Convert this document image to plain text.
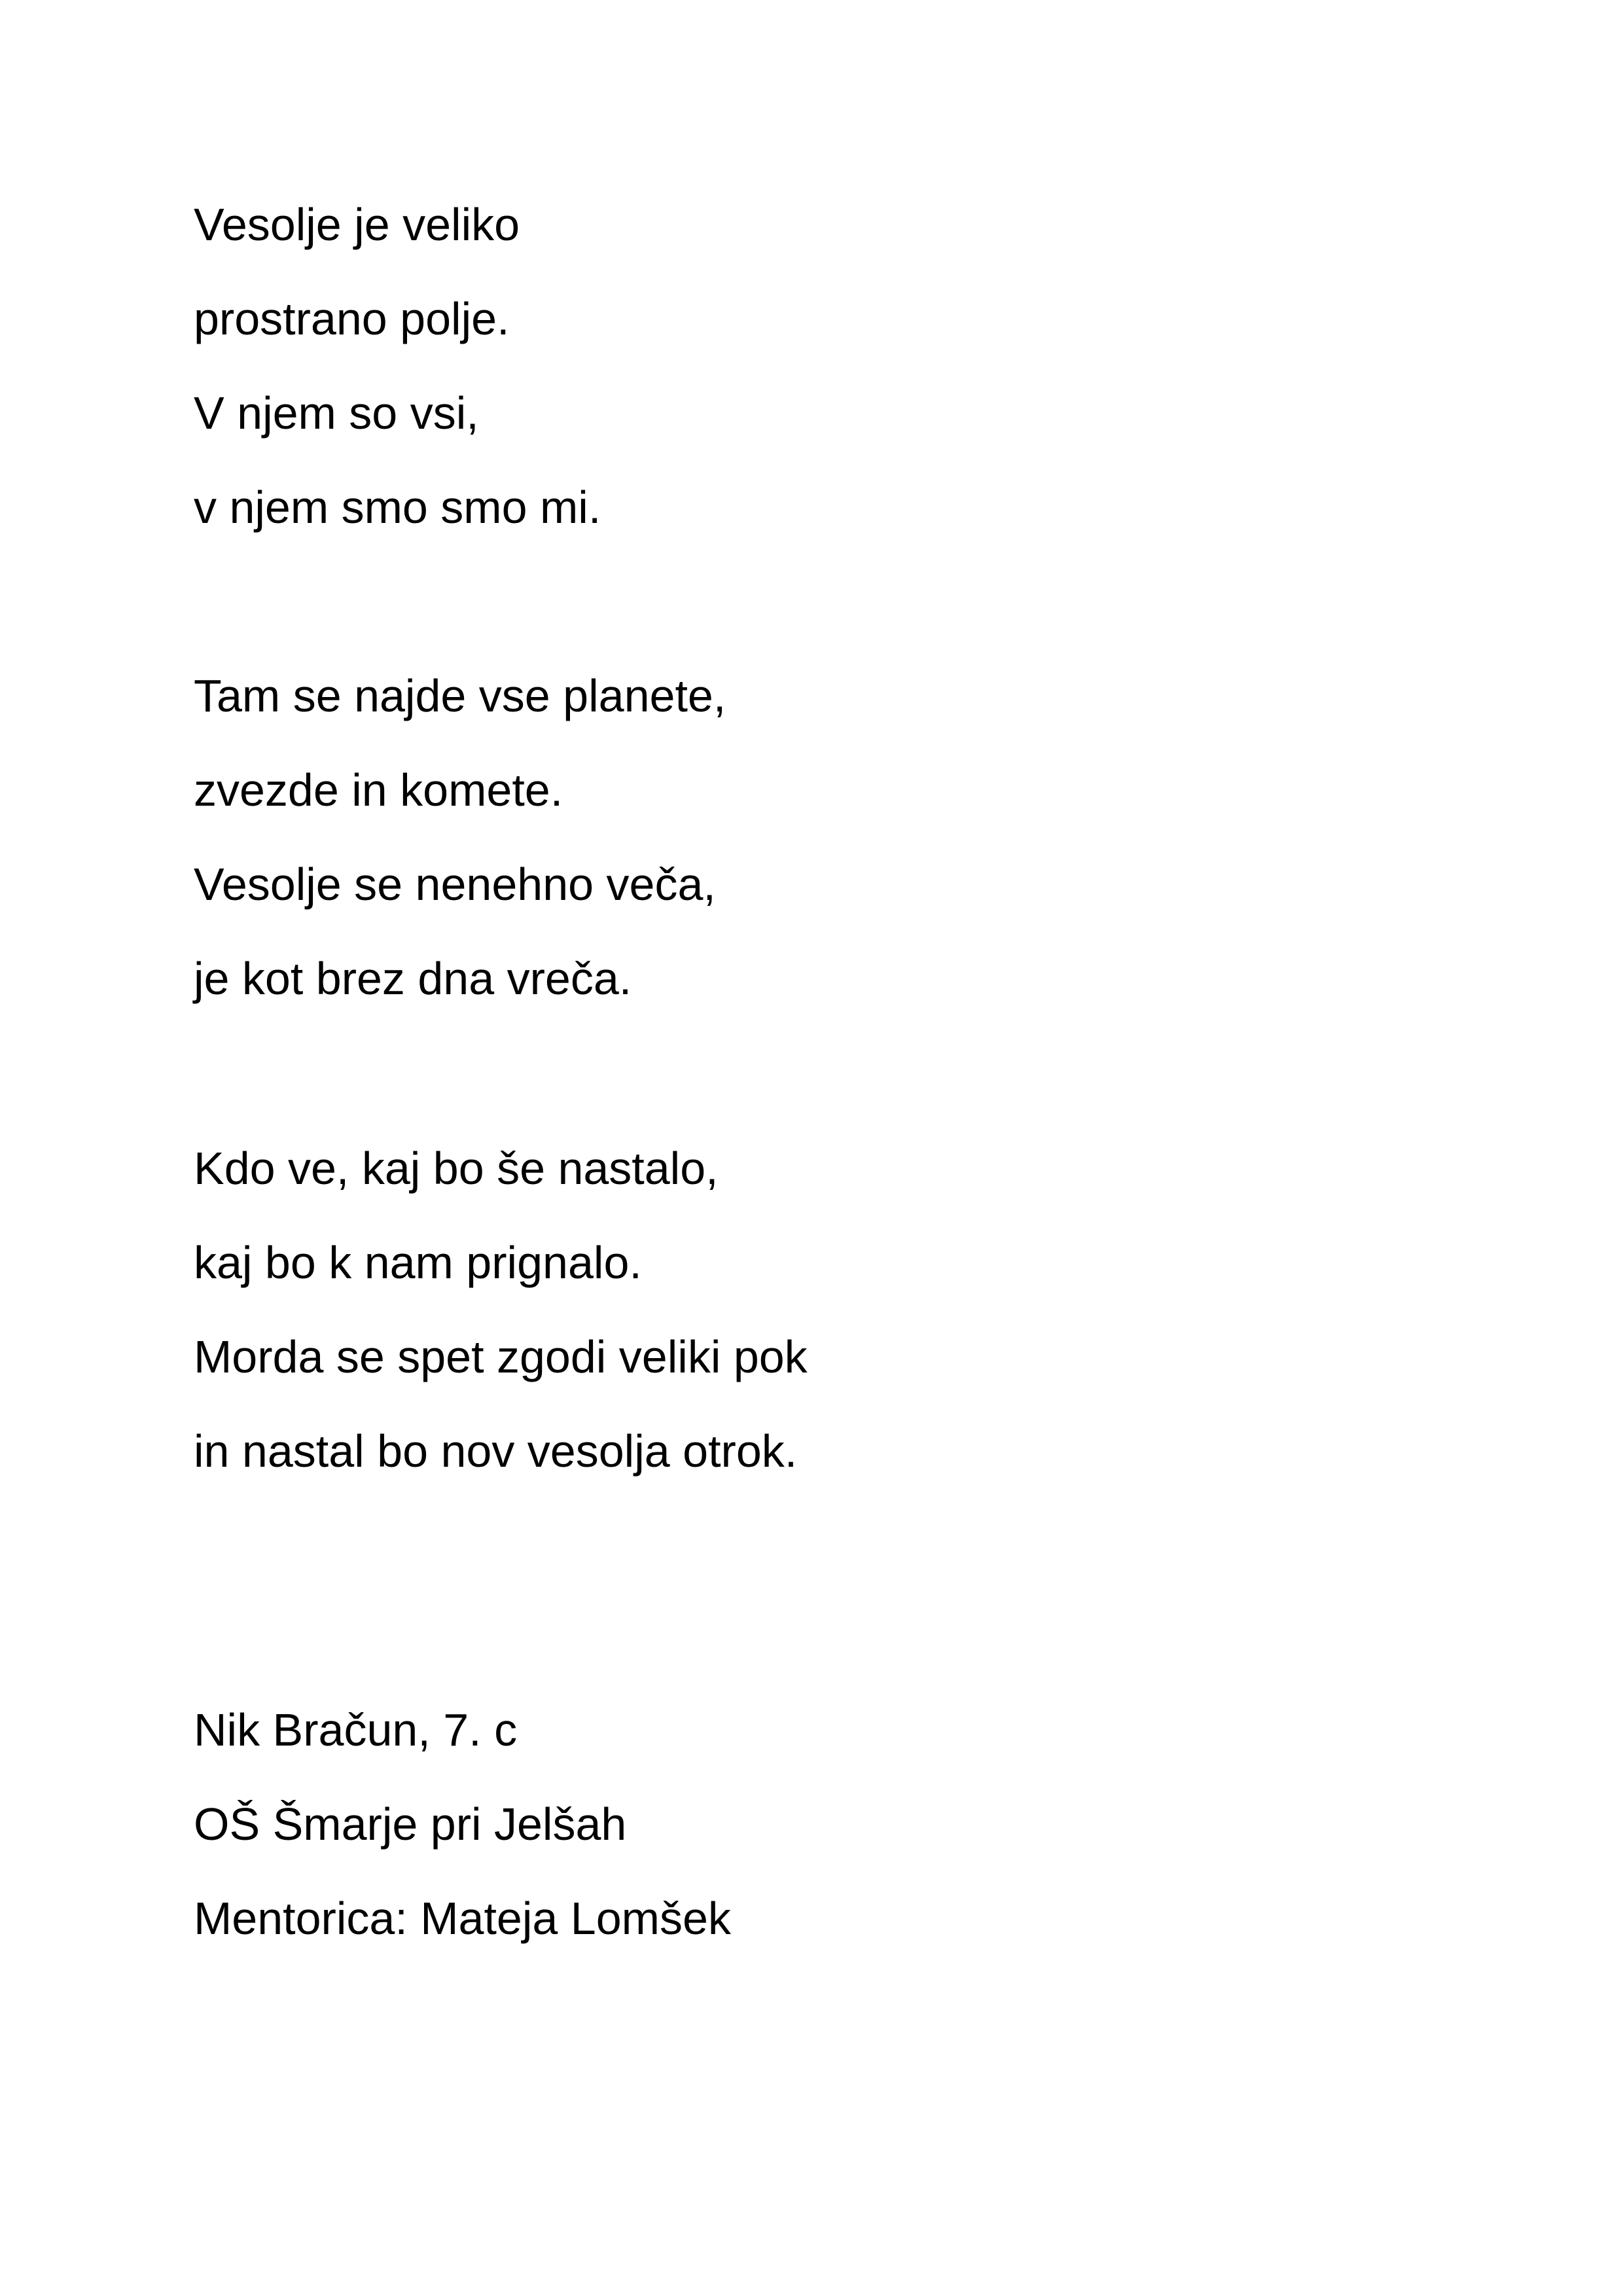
Vesolje je veliko
prostrano polje.
V njem so vsi,
v njem smo smo mi.
Tam se najde vse planete,
zvezde in komete.
Vesolje se nenehno veča,
je kot brez dna vreča.
Kdo ve, kaj bo še nastalo,
kaj bo k nam prignalo.
Morda se spet zgodi veliki pok
in nastal bo nov vesolja otrok.
Nik Bračun, 7. c
OŠ Šmarje pri Jelšah
Mentorica: Mateja Lomšek
